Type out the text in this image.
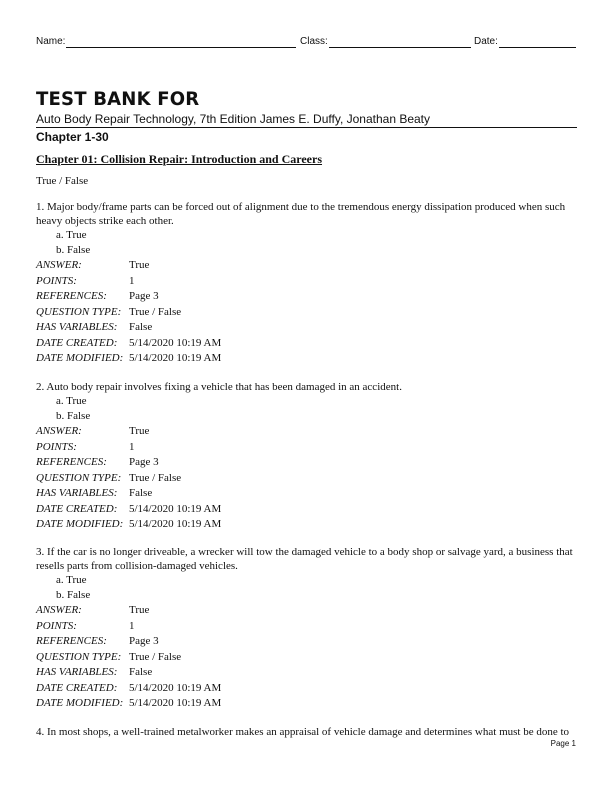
Name:	Class:	Date:
TEST BANK FOR
Auto Body Repair Technology, 7th Edition James E. Duffy, Jonathan Beaty
Chapter 1-30
Chapter 01: Collision Repair: Introduction and Careers
True / False
1. Major body/frame parts can be forced out of alignment due to the tremendous energy dissipation produced when such heavy objects strike each other.
a. True
b. False
ANSWER:	True
POINTS:	1
REFERENCES:	Page 3
QUESTION TYPE: True / False
HAS VARIABLES:	False
DATE CREATED:	5/14/2020 10:19 AM
DATE MODIFIED: 5/14/2020 10:19 AM
2. Auto body repair involves fixing a vehicle that has been damaged in an accident.
a. True
b. False
ANSWER:	True
POINTS:	1
REFERENCES:	Page 3
QUESTION TYPE: True / False
HAS VARIABLES:	False
DATE CREATED:	5/14/2020 10:19 AM
DATE MODIFIED: 5/14/2020 10:19 AM
3. If the car is no longer driveable, a wrecker will tow the damaged vehicle to a body shop or salvage yard, a business that resells parts from collision-damaged vehicles.
a. True
b. False
ANSWER:	True
POINTS:	1
REFERENCES:	Page 3
QUESTION TYPE: True / False
HAS VARIABLES:	False
DATE CREATED:	5/14/2020 10:19 AM
DATE MODIFIED: 5/14/2020 10:19 AM
4. In most shops, a well-trained metalworker makes an appraisal of vehicle damage and determines what must be done to
Page 1
